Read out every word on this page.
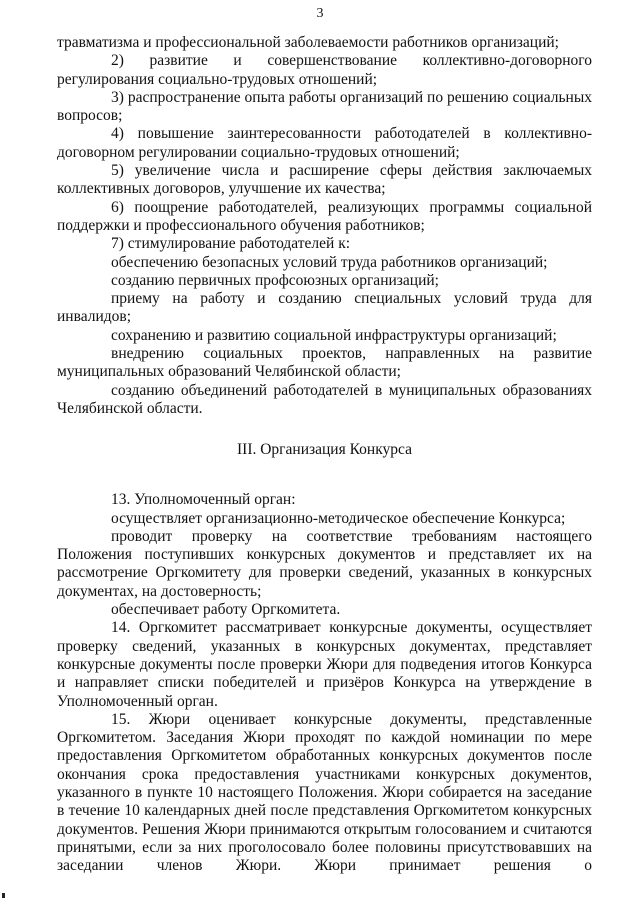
3

травматизма и профессиональной заболеваемости работников организаций;

2) развитие и совершенствование коллективно-договорного регулирования социально-трудовых отношений;

3) распространение опыта работы организаций по решению социальных вопросов;

4) повышение заинтересованности работодателей в коллективно-договорном регулировании социально-трудовых отношений;

5) увеличение числа и расширение сферы действия заключаемых коллективных договоров, улучшение их качества;

6) поощрение работодателей, реализующих программы социальной поддержки и профессионального обучения работников;

7) стимулирование работодателей к:

обеспечению безопасных условий труда работников организаций;

созданию первичных профсоюзных организаций;

приему на работу и созданию специальных условий труда для инвалидов;

сохранению и развитию социальной инфраструктуры организаций;

внедрению социальных проектов, направленных на развитие муниципальных образований Челябинской области;

созданию объединений работодателей в муниципальных образованиях Челябинской области.

III. Организация Конкурса

13. Уполномоченный орган:

осуществляет организационно-методическое обеспечение Конкурса;

проводит проверку на соответствие требованиям настоящего Положения поступивших конкурсных документов и представляет их на рассмотрение Оргкомитету для проверки сведений, указанных в конкурсных документах, на достоверность;

обеспечивает работу Оргкомитета.

14. Оргкомитет рассматривает конкурсные документы, осуществляет проверку сведений, указанных в конкурсных документах, представляет конкурсные документы после проверки Жюри для подведения итогов Конкурса и направляет списки победителей и призёров Конкурса на утверждение в Уполномоченный орган.

15. Жюри оценивает конкурсные документы, представленные Оргкомитетом. Заседания Жюри проходят по каждой номинации по мере предоставления Оргкомитетом обработанных конкурсных документов после окончания срока предоставления участниками конкурсных документов, указанного в пункте 10 настоящего Положения. Жюри собирается на заседание в течение 10 календарных дней после представления Оргкомитетом конкурсных документов. Решения Жюри принимаются открытым голосованием и считаются принятыми, если за них проголосовало более половины присутствовавших на заседании членов Жюри. Жюри принимает решения о
